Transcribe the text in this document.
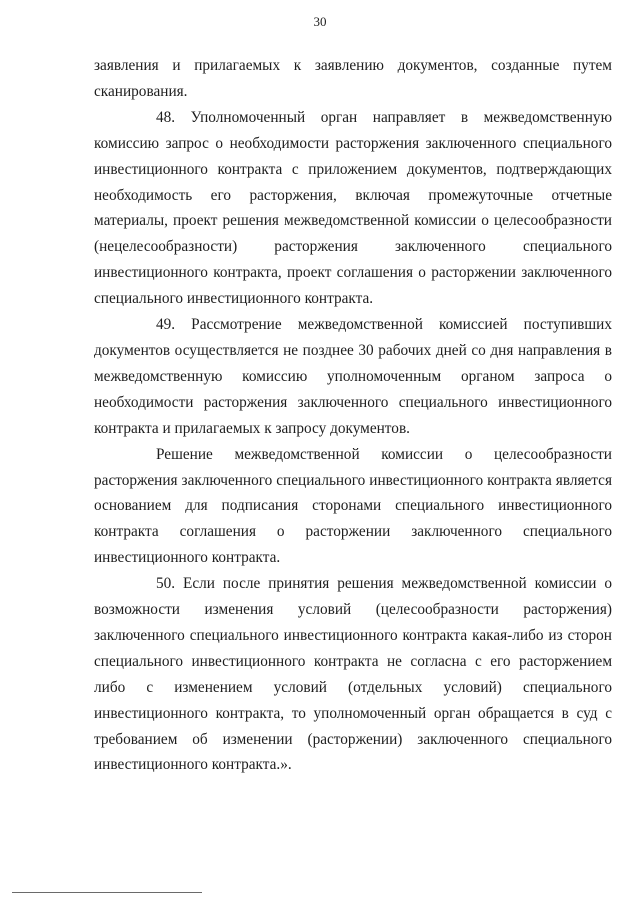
30

заявления и прилагаемых к заявлению документов, созданные путем сканирования.

48. Уполномоченный орган направляет в межведомственную комиссию запрос о необходимости расторжения заключенного специального инвестиционного контракта с приложением документов, подтверждающих необходимость его расторжения, включая промежуточные отчетные материалы, проект решения межведомственной комиссии о целесообразности (нецелесообразности) расторжения заключенного специального инвестиционного контракта, проект соглашения о расторжении заключенного специального инвестиционного контракта.

49. Рассмотрение межведомственной комиссией поступивших документов осуществляется не позднее 30 рабочих дней со дня направления в межведомственную комиссию уполномоченным органом запроса о необходимости расторжения заключенного специального инвестиционного контракта и прилагаемых к запросу документов.

Решение межведомственной комиссии о целесообразности расторжения заключенного специального инвестиционного контракта является основанием для подписания сторонами специального инвестиционного контракта соглашения о расторжении заключенного специального инвестиционного контракта.

50. Если после принятия решения межведомственной комиссии о возможности изменения условий (целесообразности расторжения) заключенного специального инвестиционного контракта какая-либо из сторон специального инвестиционного контракта не согласна с его расторжением либо с изменением условий (отдельных условий) специального инвестиционного контракта, то уполномоченный орган обращается в суд с требованием об изменении (расторжении) заключенного специального инвестиционного контракта.».
